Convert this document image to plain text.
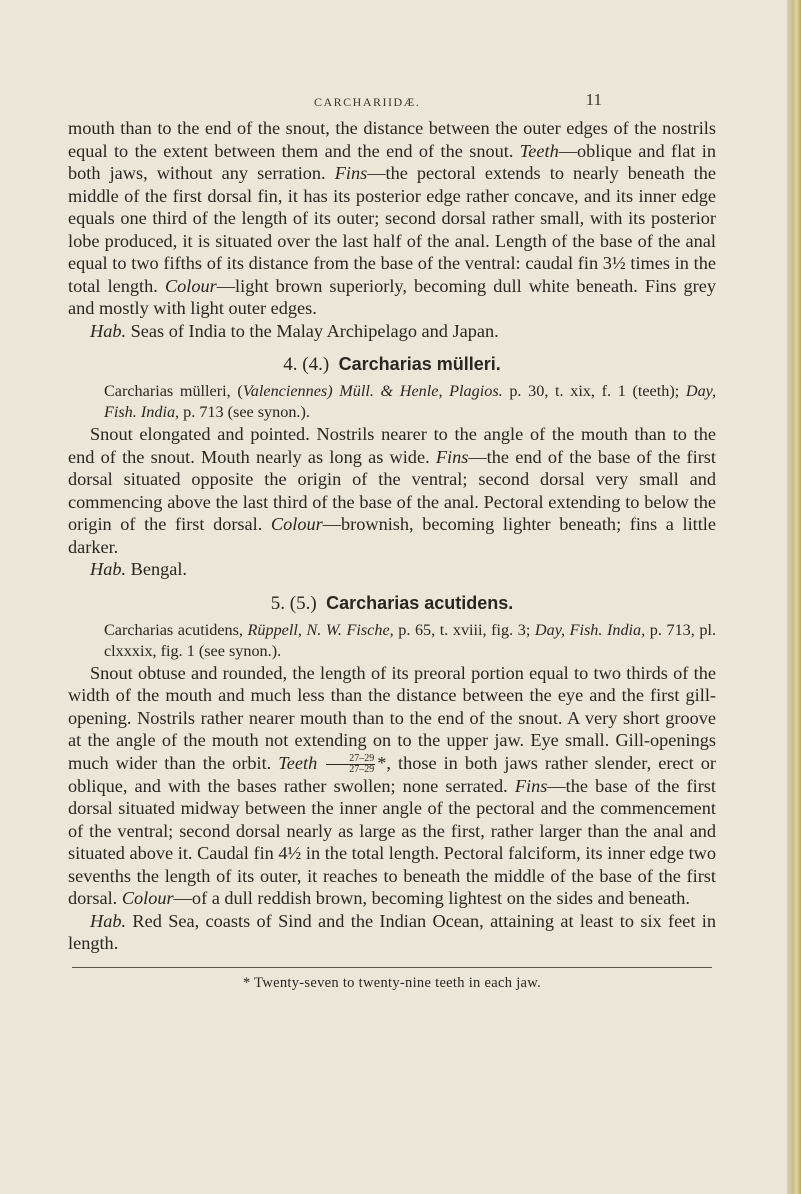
CARCHARIIDÆ.	11

mouth than to the end of the snout, the distance between the outer edges of the nostrils equal to the extent between them and the end of the snout. Teeth—oblique and flat in both jaws, without any serration. Fins—the pectoral extends to nearly beneath the middle of the first dorsal fin, it has its posterior edge rather concave, and its inner edge equals one third of the length of its outer; second dorsal rather small, with its posterior lobe produced, it is situated over the last half of the anal. Length of the base of the anal equal to two fifths of its distance from the base of the ventral: caudal fin 3½ times in the total length. Colour—light brown superiorly, becoming dull white beneath. Fins grey and mostly with light outer edges.

Hab. Seas of India to the Malay Archipelago and Japan.

4. (4.) Carcharias mülleri.

Carcharias mülleri, (Valenciennes) Müll. & Henle, Plagios. p. 30, t. xix, f. 1 (teeth); Day, Fish. India, p. 713 (see synon.).

Snout elongated and pointed. Nostrils nearer to the angle of the mouth than to the end of the snout. Mouth nearly as long as wide. Fins—the end of the base of the first dorsal situated opposite the origin of the ventral; second dorsal very small and commencing above the last third of the base of the anal. Pectoral extending to below the origin of the first dorsal. Colour—brownish, becoming lighter beneath; fins a little darker.

Hab. Bengal.

5. (5.) Carcharias acutidens.

Carcharias acutidens, Rüppell, N. W. Fische, p. 65, t. xviii, fig. 3; Day, Fish. India, p. 713, pl. clxxxix, fig. 1 (see synon.).

Snout obtuse and rounded, the length of its preoral portion equal to two thirds of the width of the mouth and much less than the distance between the eye and the first gill-opening. Nostrils rather nearer mouth than to the end of the snout. A very short groove at the angle of the mouth not extending on to the upper jaw. Eye small. Gill-openings much wider than the orbit. Teeth $\frac{27-29}{27-29}$ *, those in both jaws rather slender, erect or oblique, and with the bases rather swollen; none serrated. Fins—the base of the first dorsal situated midway between the inner angle of the pectoral and the commencement of the ventral; second dorsal nearly as large as the first, rather larger than the anal and situated above it. Caudal fin 4½ in the total length. Pectoral falciform, its inner edge two sevenths the length of its outer, it reaches to beneath the middle of the base of the first dorsal. Colour—of a dull reddish brown, becoming lightest on the sides and beneath.

Hab. Red Sea, coasts of Sind and the Indian Ocean, attaining at least to six feet in length.

* Twenty-seven to twenty-nine teeth in each jaw.
